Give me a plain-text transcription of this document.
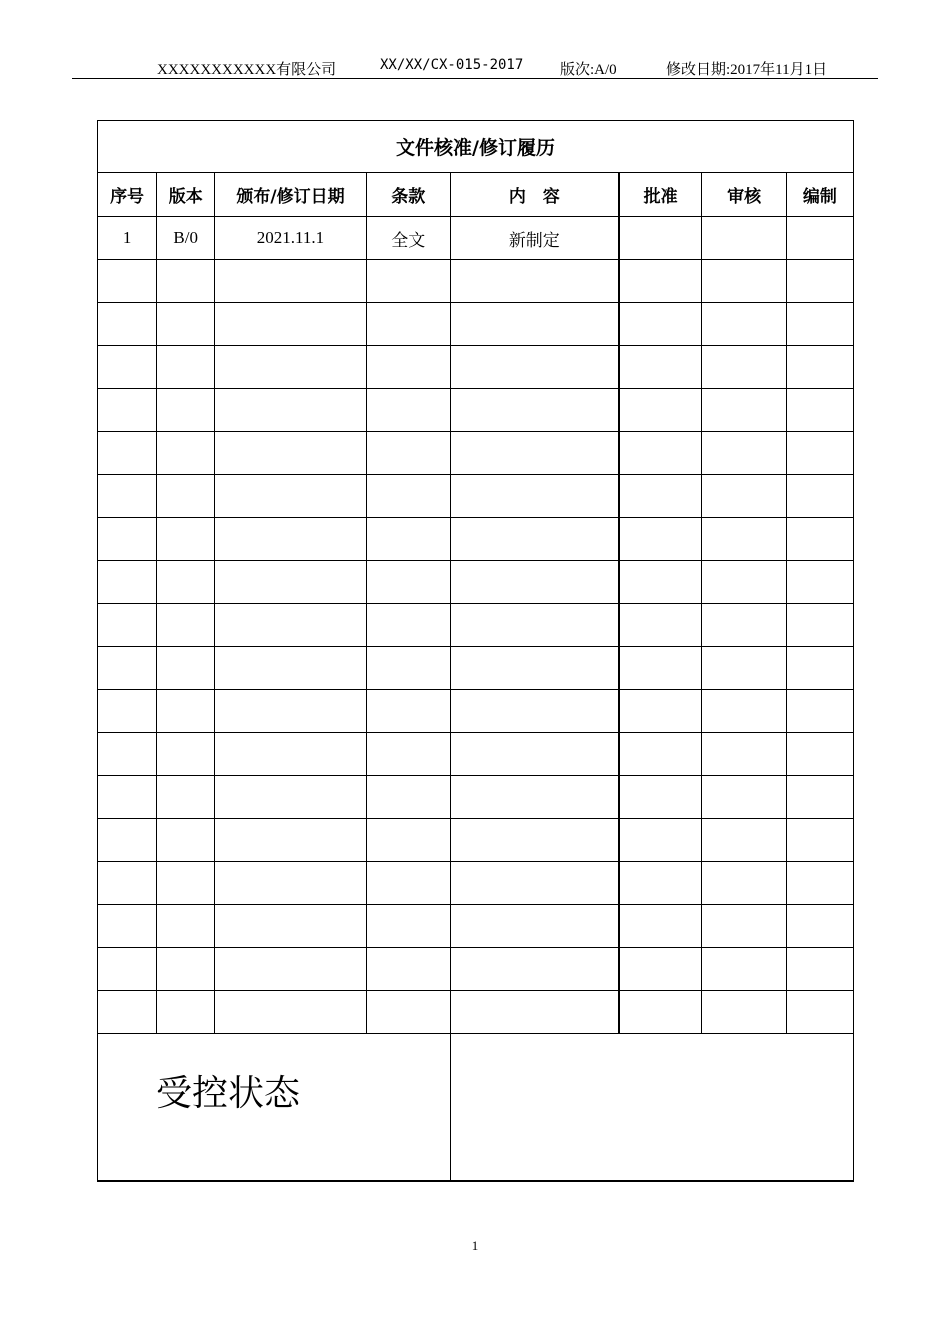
XXXXXXXXXXX有限公司	XX/XX/CX-015-2017 版次:A/0	修改日期:2017年11月1日
文件核准/修订履历							
序号	版本	颁布/修订日期	条款	内　容	批准	审核	编制
1	B/0	2021.11.1	全文	新制定			

受控状态							

1
